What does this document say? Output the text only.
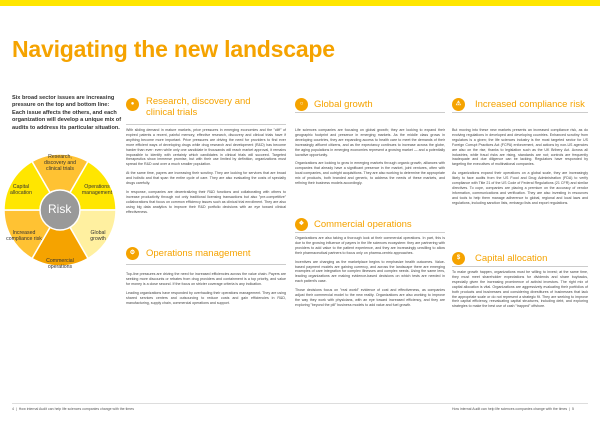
Navigating the new landscape

Six broad sector issues are increasing pressure on the top and bottom line: Each issue affects the others, and each organization will develop a unique mix of audits to address its particular situation.

Research, discovery and clinical trials
Global growth
Operations management
Commercial operations
Increased compliance risk
Capital allocation
Risk
●	Research, discovery and clinical trials

With sliding demand in mature markets, price pressures in emerging economies and the "cliff" of expired patents a recent, painful memory, effective research, discovery and clinical trials have if anything become more important. Price pressures are driving the need for providers to find ever more efficient ways of developing drugs while drug research and development (R&D) has become harder than ever: even while only one candidate in thousands will reach market approval, it remains impossible to identify with certainty which candidates in clinical trials will succeed. Targeted therapeutics show immense promise, but with their use limited by definition, organizations must spread the R&D cost over a much smaller population.

At the same time, payers are increasing their scrutiny. They are looking for services that are broad and holistic and that span the entire cycle of care. They are also evaluating the costs of specialty drugs carefully.

In response, companies are decentralizing their R&D functions and collaborating with others to increase productivity through not only traditional licensing transactions but also "pre-competitive" collaborations that focus on common efficiency issues such as clinical trial enrollment. They are also using big data analytics to improve their R&D portfolio decisions with an eye toward clinical effectiveness.

⚙	Operations management

Top-line pressures are driving the need for increased efficiencies across the value chain. Payers are seeking more discounts or rebates from drug providers and containment is a top priority, and value for money is a close second. If the focus on stricter coverage criteria is any indication.

Leading organizations have responded by overhauling their operations management. They are using shared services centers and outsourcing to reduce costs and gain efficiencies in R&D, manufacturing, supply chain, commercial operations and support.

○	Global growth

Life sciences companies are focusing on global growth; they are looking to expand their geographic footprint and presence in emerging markets. As the middle class grows in developing countries, they are expanding access to health care to meet the demands of their increasingly affluent citizens, and as the expectancy continues to increase across the globe, the aging populations in emerging economies represent a growing market — and a potentially lucrative opportunity.

Organizations are looking to grow in emerging markets through organic growth, alliances with companies that already have a significant presence in the market, joint ventures, often with local companies, and outright acquisitions. They are also working to determine the appropriate mix of products, both branded and generic, to address the needs of these markets, and refining their business models accordingly.

❖	Commercial operations

Organizations are also taking a thorough look at their commercial operations. In part, this is due to the growing influence of payers in the life sciences ecosystem: they are partnering with providers to add value to the patient experience, and they are increasingly unwilling to allow their pharmaceutical partners to focus only on pharma-centric approaches.

Incentives are changing as the marketplace begins to emphasize health outcomes. Value-based payment models are gaining currency, and across the landscape there are emerging examples of care integration for complex illnesses and complex needs. Using the same lens, leading organizations are making evidence-based decisions on which tests are needed in each patient's case.

Those decisions focus on "real world" evidence of cost and effectiveness, as companies adjust their commercial model to the new reality. Organizations are also working to improve the way they work with physicians, with an eye toward increased efficiency, and they are exploring "beyond the pill" business models to add value and fuel growth.

⚠	Increased compliance risk

But moving into these new markets presents an increased compliance risk, as do evolving regulations in developed and developing countries. Enhanced scrutiny from regulators is a given; the life sciences industry is the most targeted sector for US Foreign Corrupt Practices Act (FCPA) enforcement, and actions by non-US agencies are also on the rise, thanks to legislation such as the UK Bribery Act. Across all industries, while fraud risks are rising, standards are not; controls are frequently inadequate and due diligence can be lacking. Regulators have responded by targeting the executives of multinational companies.

As organizations expand their operations on a global scale, they are increasingly likely to face audits from the US Food and Drug Administration (FDA) to verify compliance with Title 21 of the US Code of Federal Regulations (21 CFR) and similar directives. To cope, companies are placing a premium on the accuracy of vendor information, communications and verification. They are also investing in resources and tools to help them manage adherence to global, regional and local laws and regulations, including sanction lists, embargo lists and export regulations.

$	Capital allocation

To make growth happen, organizations must be willing to invest; at the same time, they must meet shareholder expectations for dividends and share buybacks, especially given the increasing prominence of activist investors. The right mix of capital allocation is vital. Organizations are aggressively evaluating their portfolios of both products and businesses and considering divestitures of businesses that lack the appropriate scale or do not represent a strategic fit. They are seeking to improve their capital efficiency, reevaluating capital structures, including debt, and exploring strategies to make the best use of cash "trapped" offshore.

4  |  How internal Audit can help life sciences companies change with the times	How internal Audit can help life sciences companies change with the times  |  5
